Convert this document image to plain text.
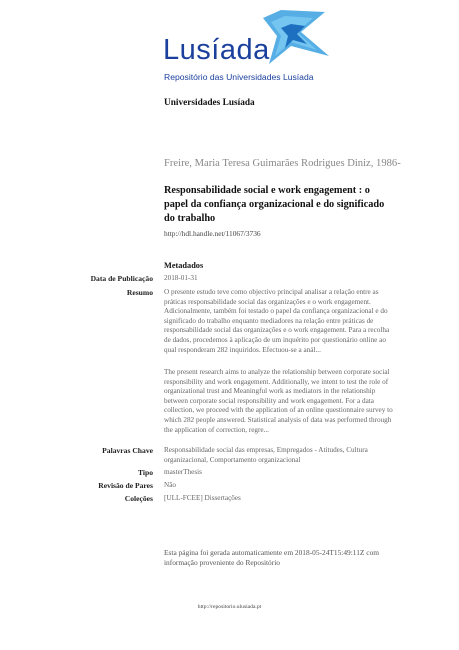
Lusíada
Repositório das Universidades Lusíada
Universidades Lusíada
Freire, Maria Teresa Guimarães Rodrigues Diniz, 1986-
Responsabilidade social e work engagement : o papel da confiança organizacional e do significado do trabalho
http://hdl.handle.net/11067/3736
Metadados
Data de Publicação 2018-01-31
Resumo O presente estudo teve como objectivo principal analisar a relação entre as práticas responsabilidade social das organizações e o work engagement. Adicionalmente, também foi testado o papel da confiança organizacional e do significado do trabalho enquanto mediadores na relação entre práticas de responsabilidade social das organizações e o work engagement. Para a recolha de dados, procedemos à aplicação de um inquérito por questionário online ao qual responderam 282 inquiridos. Efectuou-se a anál...
The present research aims to analyze the relationship between corporate social responsibility and work engagement. Additionally, we intent to test the role of organizational trust and Meaningful work as mediators in the relationship between corporate social responsibility and work engagement. For a data collection, we proceed with the application of an online questionnaire survey to which 282 people answered. Statistical analysis of data was performed through the application of correction, regre...
Palavras Chave Responsabilidade social das empresas, Empregados - Atitudes, Cultura organizacional, Comportamento organizacional
Tipo masterThesis
Revisão de Pares Não
Coleções [ULL-FCEE] Dissertações
Esta página foi gerada automaticamente em 2018-05-24T15:49:11Z com informação proveniente do Repositório
http://repositorio.ulusiada.pt
